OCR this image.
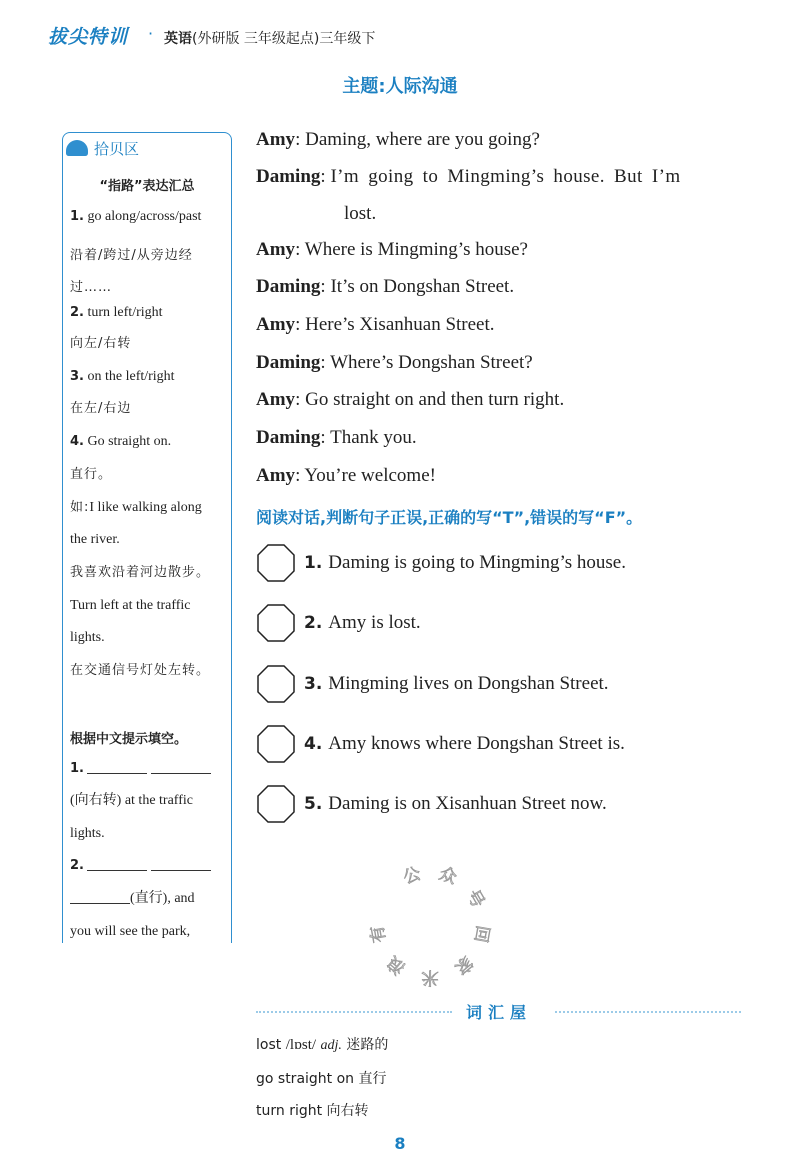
拔尖特训 · 英语(外研版 三年级起点)三年级下
主题:人际沟通
拾贝区
“指路”表达汇总
1. go along/across/past
沿着/跨过/从旁边经过……
2. turn left/right
向左/右转
3. on the left/right
在左/右边
4. Go straight on.
直行。
如:I like walking along
the river.
我喜欢沿着河边散步。
Turn left at the traffic
lights.
在交通信号灯处左转。
根据中文提示填空。
1.
(向右转) at the traffic
lights.
2.
(直行), and
you will see the park,
Amy: Daming, where are you going?
Daming: I’m going to Mingming’s house. But I’m
lost.
Amy: Where is Mingming’s house?
Daming: It’s on Dongshan Street.
Amy: Here’s Xisanhuan Street.
Daming: Where’s Dongshan Street?
Amy: Go straight on and then turn right.
Daming: Thank you.
Amy: You’re welcome!
阅读对话,判断句子正误,正确的写“T”,错误的写“F”。
1. Daming is going to Mingming’s house.
2. Amy is lost.
3. Mingming lives on Dongshan Street.
4. Amy knows where Dongshan Street is.
5. Daming is on Xisanhuan Street now.
公 众
号
回
家
米
浪
有
词汇屋
lost /lɒst/ adj. 迷路的
go straight on 直行
turn right 向右转
8
